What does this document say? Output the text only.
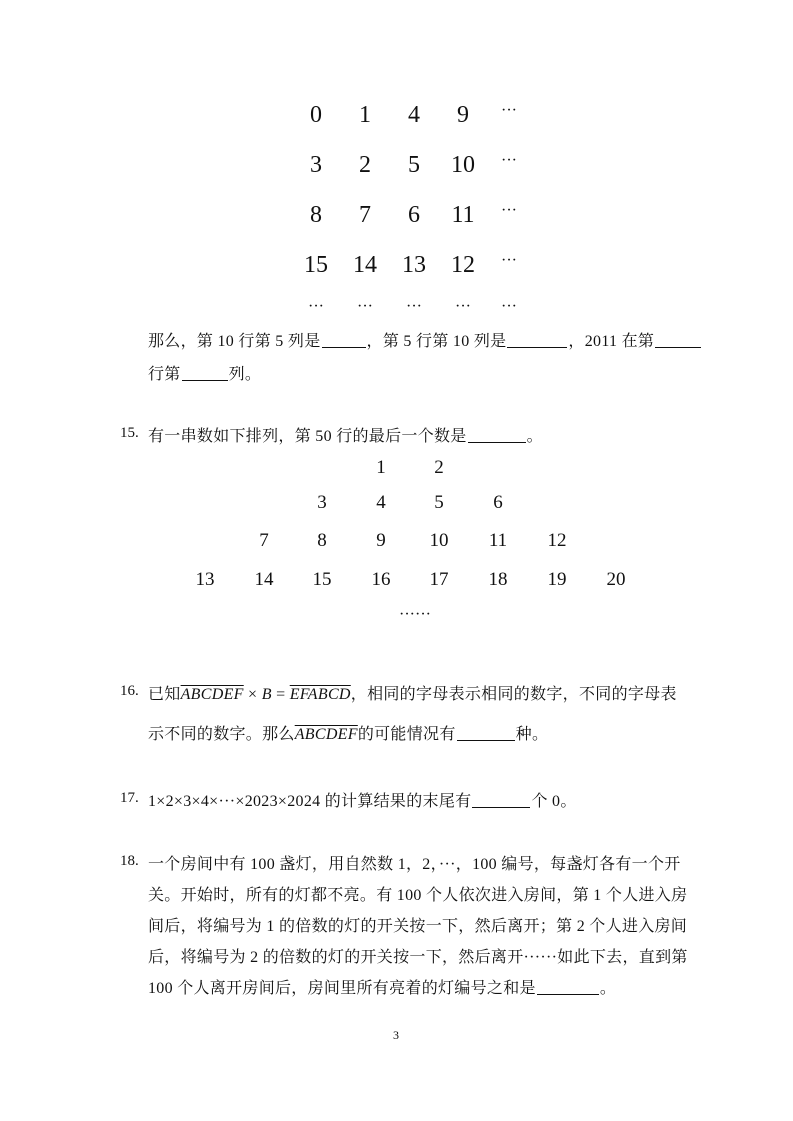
0 1 4 9 ···
3 2 5 10 ···
8 7 6 11 ···
15 14 13 12 ···
··· ··· ··· ··· ···
那么，第 10 行第 5 列是	，第 5 行第 10 列是	，2011 在第
行第	列。
15. 有一串数如下排列，第 50 行的最后一个数是	。
1	2
3	4	5	6
7	8	9 10 11 12
13 14 15 16 17 18 19 20
······
16. 已知ABCDEF × B = EFABCD，相同的字母表示相同的数字，不同的字母表
示不同的数字。那么ABCDEF的可能情况有	种。
17. 1×2×3×4×···×2023×2024 的计算结果的末尾有	个 0。
18. 一个房间中有 100 盏灯，用自然数 1，2，···，100 编号，每盏灯各有一个开
关。开始时，所有的灯都不亮。有 100 个人依次进入房间，第 1 个人进入房
间后，将编号为 1 的倍数的灯的开关按一下，然后离开；第 2 个人进入房间
后，将编号为 2 的倍数的灯的开关按一下，然后离开······如此下去，直到第
100 个人离开房间后，房间里所有亮着的灯编号之和是	。
3
